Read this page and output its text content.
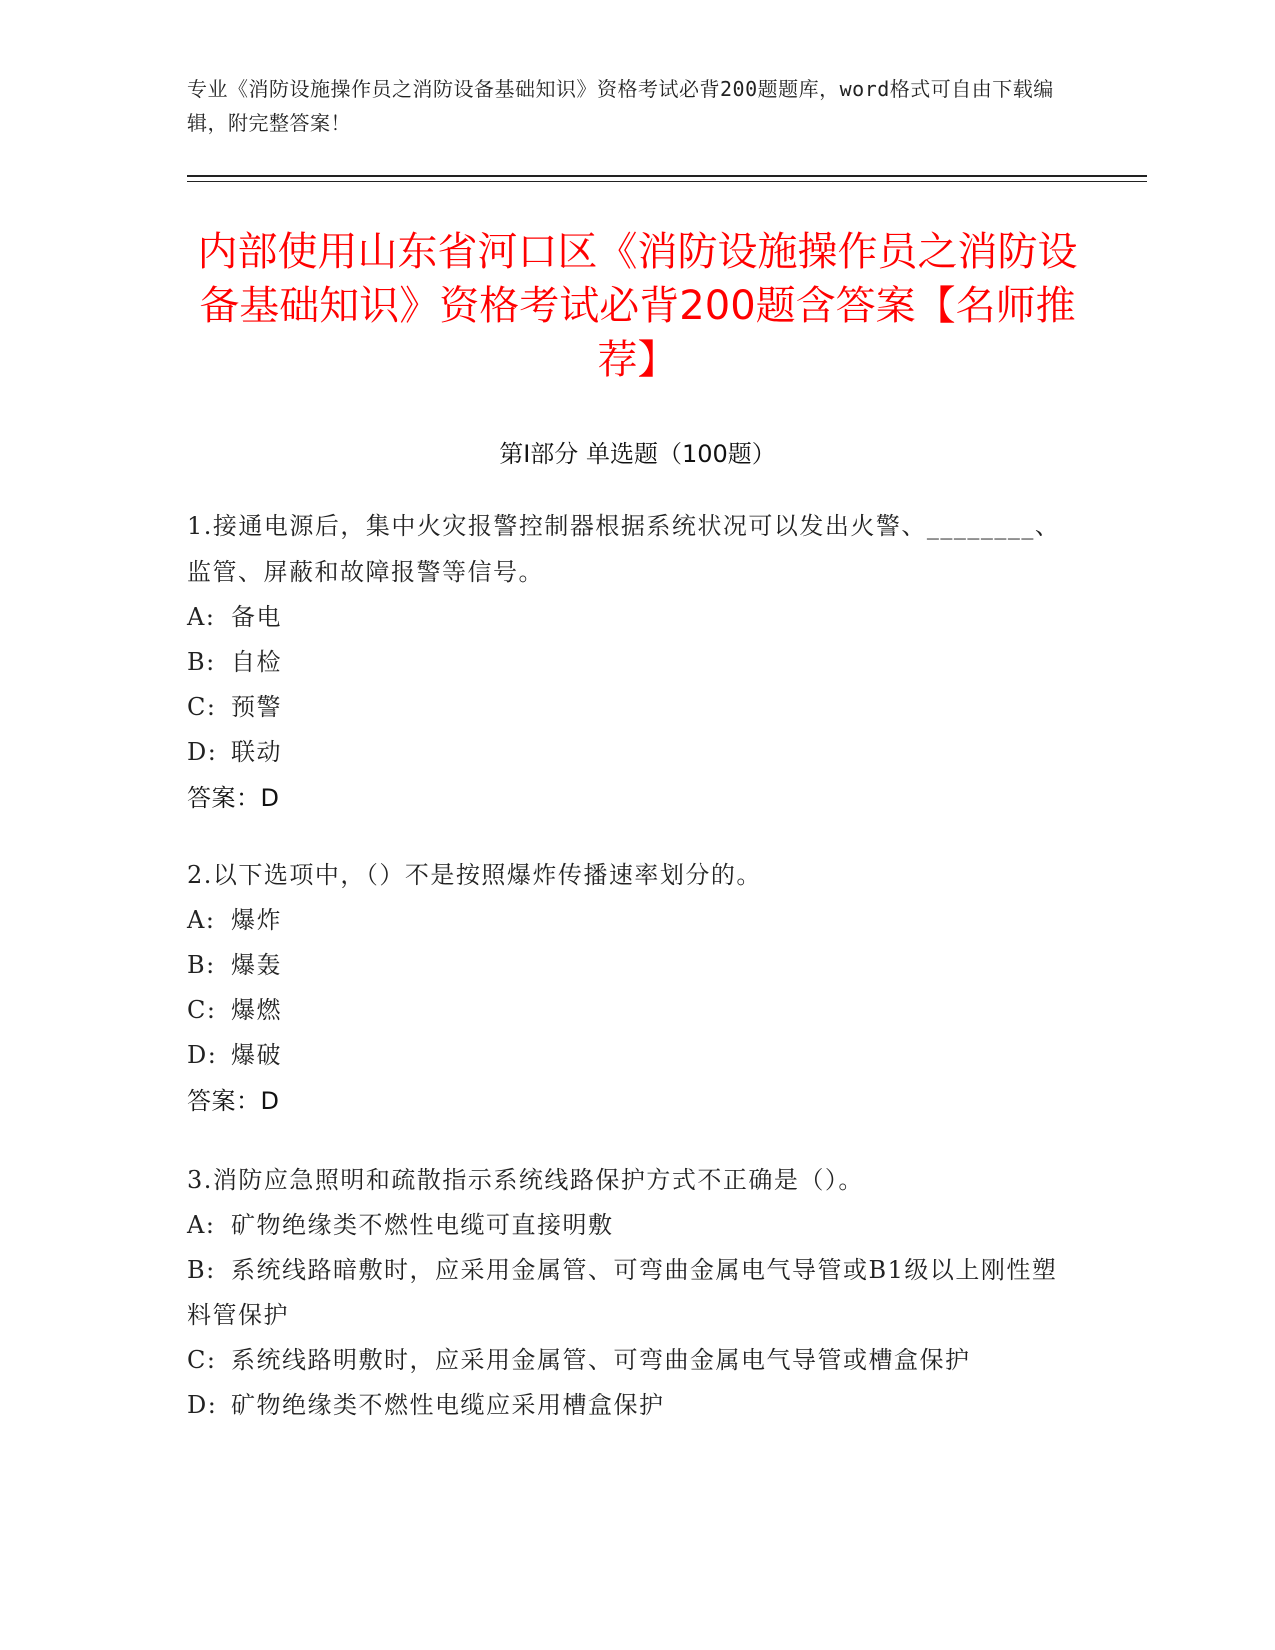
专业《消防设施操作员之消防设备基础知识》资格考试必背200题题库，word格式可自由下载编辑，附完整答案！
内部使用山东省河口区《消防设施操作员之消防设备基础知识》资格考试必背200题含答案【名师推荐】
第I部分 单选题（100题）
1.接通电源后，集中火灾报警控制器根据系统状况可以发出火警、________、监管、屏蔽和故障报警等信号。
A: 备电
B: 自检
C: 预警
D: 联动
答案：D
2.以下选项中，（）不是按照爆炸传播速率划分的。
A: 爆炸
B: 爆轰
C: 爆燃
D: 爆破
答案：D
3.消防应急照明和疏散指示系统线路保护方式不正确是（）。
A: 矿物绝缘类不燃性电缆可直接明敷
B: 系统线路暗敷时，应采用金属管、可弯曲金属电气导管或B1级以上刚性塑料管保护
C: 系统线路明敷时，应采用金属管、可弯曲金属电气导管或槽盒保护
D: 矿物绝缘类不燃性电缆应采用槽盒保护
